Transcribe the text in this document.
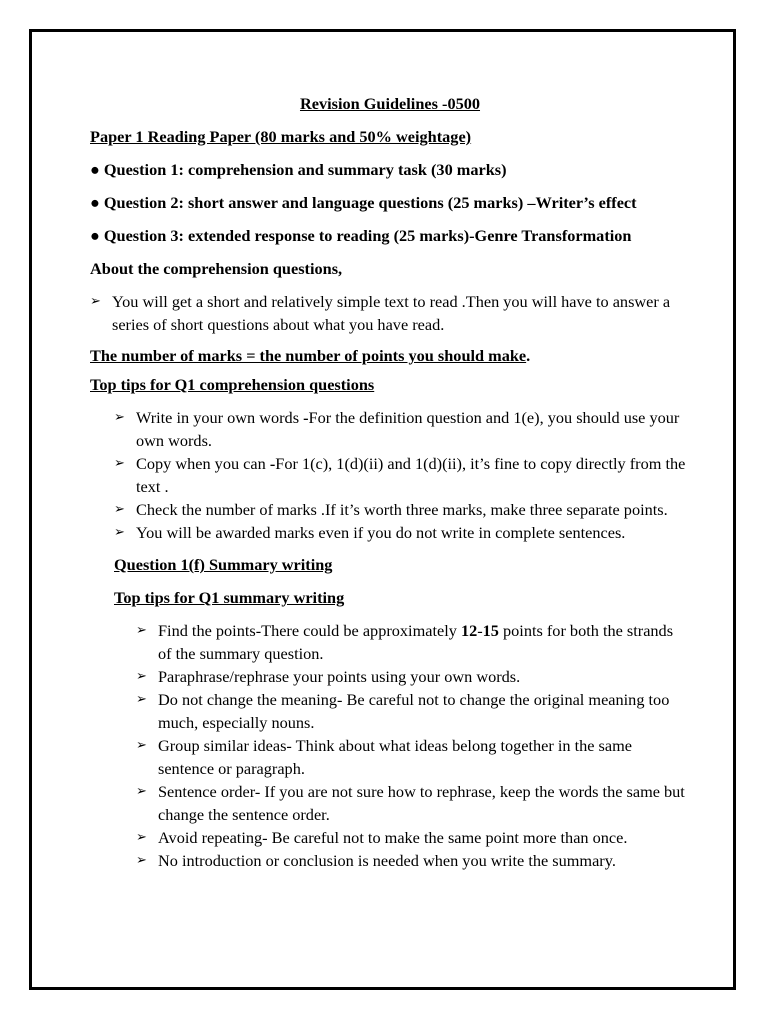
Revision Guidelines -0500
Paper 1 Reading Paper (80 marks and 50% weightage)
● Question 1: comprehension and summary task (30 marks)
● Question 2: short answer and language questions (25 marks) –Writer’s effect
● Question 3: extended response to reading (25 marks)-Genre Transformation
About the comprehension questions,
➢ You will get a short and relatively simple text to read .Then you will have to answer a series of short questions about what you have read.
The number of marks = the number of points you should make.
Top tips for Q1 comprehension questions
➢ Write in your own words -For the definition question and 1(e), you should use your own words.
➢ Copy when you can -For 1(c), 1(d)(ii) and 1(d)(ii), it’s fine to copy directly from the text .
➢ Check the number of marks .If it’s worth three marks, make three separate points.
➢ You will be awarded marks even if you do not write in complete sentences.
Question 1(f) Summary writing
Top tips for Q1 summary writing
➢ Find the points-There could be approximately 12-15 points for both the strands of the summary question.
➢ Paraphrase/rephrase your points using your own words.
➢ Do not change the meaning- Be careful not to change the original meaning too much, especially nouns.
➢ Group similar ideas- Think about what ideas belong together in the same sentence or paragraph.
➢ Sentence order- If you are not sure how to rephrase, keep the words the same but change the sentence order.
➢ Avoid repeating- Be careful not to make the same point more than once.
➢ No introduction or conclusion is needed when you write the summary.
